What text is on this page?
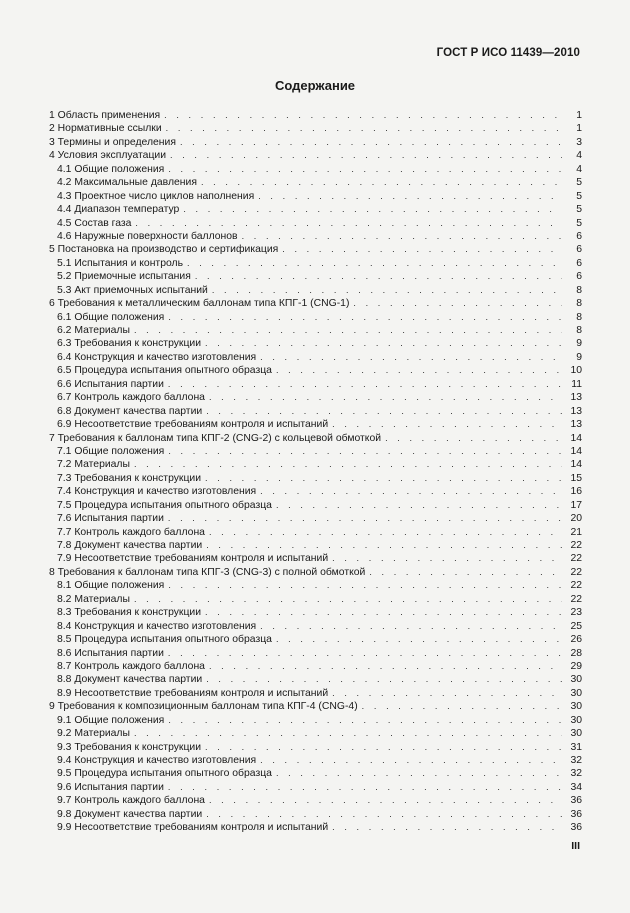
ГОСТ Р ИСО 11439—2010
Содержание
1 Область применения . . .	1
2 Нормативные ссылки . . .	1
3 Термины и определения . . .	3
4 Условия эксплуатации . . .	4
4.1 Общие положения . . .	4
4.2 Максимальные давления . . .	5
4.3 Проектное число циклов наполнения . . .	5
4.4 Диапазон температур . . .	5
4.5 Состав газа . . .	5
4.6 Наружные поверхности баллонов . . .	6
5 Постановка на производство и сертификация . . .	6
5.1 Испытания и контроль . . .	6
5.2 Приемочные испытания . . .	6
5.3 Акт приемочных испытаний . . .	8
6 Требования к металлическим баллонам типа КПГ-1 (CNG-1) . . .	8
6.1 Общие положения . . .	8
6.2 Материалы . . .	8
6.3 Требования к конструкции . . .	9
6.4 Конструкция и качество изготовления . . .	9
6.5 Процедура испытания опытного образца . . .	10
6.6 Испытания партии . . .	11
6.7 Контроль каждого баллона . . .	13
6.8 Документ качества партии . . .	13
6.9 Несоответствие требованиям контроля и испытаний . . .	13
7 Требования к баллонам типа КПГ-2 (CNG-2) с кольцевой обмоткой . . .	14
7.1 Общие положения . . .	14
7.2 Материалы . . .	14
7.3 Требования к конструкции . . .	15
7.4 Конструкция и качество изготовления . . .	16
7.5 Процедура испытания опытного образца . . .	17
7.6 Испытания партии . . .	20
7.7 Контроль каждого баллона . . .	21
7.8 Документ качества партии . . .	22
7.9 Несоответствие требованиям контроля и испытаний . . .	22
8 Требования к баллонам типа КПГ-3 (CNG-3) с полной обмоткой . . .	22
8.1 Общие положения . . .	22
8.2 Материалы . . .	22
8.3 Требования к конструкции . . .	23
8.4 Конструкция и качество изготовления . . .	25
8.5 Процедура испытания опытного образца . . .	26
8.6 Испытания партии . . .	28
8.7 Контроль каждого баллона . . .	29
8.8 Документ качества партии . . .	30
8.9 Несоответствие требованиям контроля и испытаний . . .	30
9 Требования к композиционным баллонам типа КПГ-4 (CNG-4) . . .	30
9.1 Общие положения . . .	30
9.2 Материалы . . .	30
9.3 Требования к конструкции . . .	31
9.4 Конструкция и качество изготовления . . .	32
9.5 Процедура испытания опытного образца . . .	32
9.6 Испытания партии . . .	34
9.7 Контроль каждого баллона . . .	36
9.8 Документ качества партии . . .	36
9.9 Несоответствие требованиям контроля и испытаний . . .	36
III
